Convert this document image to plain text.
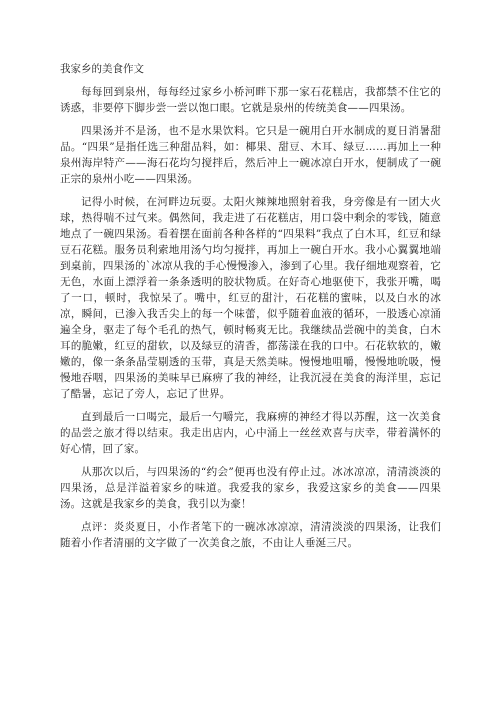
我家乡的美食作文

每每回到泉州，每每经过家乡小桥河畔下那一家石花糕店，我都禁不住它的诱惑，非要停下脚步尝一尝以饱口眼。它就是泉州的传统美食——四果汤。

四果汤并不是汤，也不是水果饮料。它只是一碗用白开水制成的夏日消暑甜品。“四果”是指任选三种甜品料，如：椰果、甜豆、木耳、绿豆……再加上一种泉州海岸特产——海石花均匀搅拌后，然后冲上一碗冰凉白开水，便制成了一碗正宗的泉州小吃——四果汤。

记得小时候，在河畔边玩耍。太阳火辣辣地照射着我，身旁像是有一团大火球，热得喘不过气来。偶然间，我走进了石花糕店，用口袋中剩余的零钱，随意地点了一碗四果汤。看着摆在面前各种各样的“四果料”我点了白木耳，红豆和绿豆石花糕。服务员利索地用汤勺均匀搅拌，再加上一碗白开水。我小心翼翼地端到桌前，四果汤的`冰凉从我的手心慢慢渗入，渗到了心里。我仔细地观察着，它无色，水面上漂浮着一条条透明的胶状物质。在好奇心地驱使下，我张开嘴，喝了一口，顿时，我惊呆了。嘴中，红豆的甜汁，石花糕的蜜味，以及白水的冰凉，瞬间，已渗入我舌尖上的每一个味蕾，似乎随着血液的循环，一股透心凉涌遍全身，驱走了每个毛孔的热气，顿时畅爽无比。我继续品尝碗中的美食，白木耳的脆嫩，红豆的甜软，以及绿豆的清香，都荡漾在我的口中。石花软软的，嫩嫩的，像一条条晶莹剔透的玉带，真是天然美味。慢慢地咀嚼，慢慢地吮吸，慢慢地吞咽，四果汤的美味早已麻痹了我的神经，让我沉浸在美食的海洋里，忘记了酷暑，忘记了旁人，忘记了世界。

直到最后一口喝完，最后一勺嚼完，我麻痹的神经才得以苏醒，这一次美食的品尝之旅才得以结束。我走出店内，心中涌上一丝丝欢喜与庆幸，带着满怀的好心情，回了家。

从那次以后，与四果汤的“约会”便再也没有停止过。冰冰凉凉，清清淡淡的四果汤，总是洋溢着家乡的味道。我爱我的家乡，我爱这家乡的美食——四果汤。这就是我家乡的美食，我引以为豪！

点评：炎炎夏日，小作者笔下的一碗冰冰凉凉，清清淡淡的四果汤，让我们随着小作者清丽的文字做了一次美食之旅，不由让人垂涎三尺。
